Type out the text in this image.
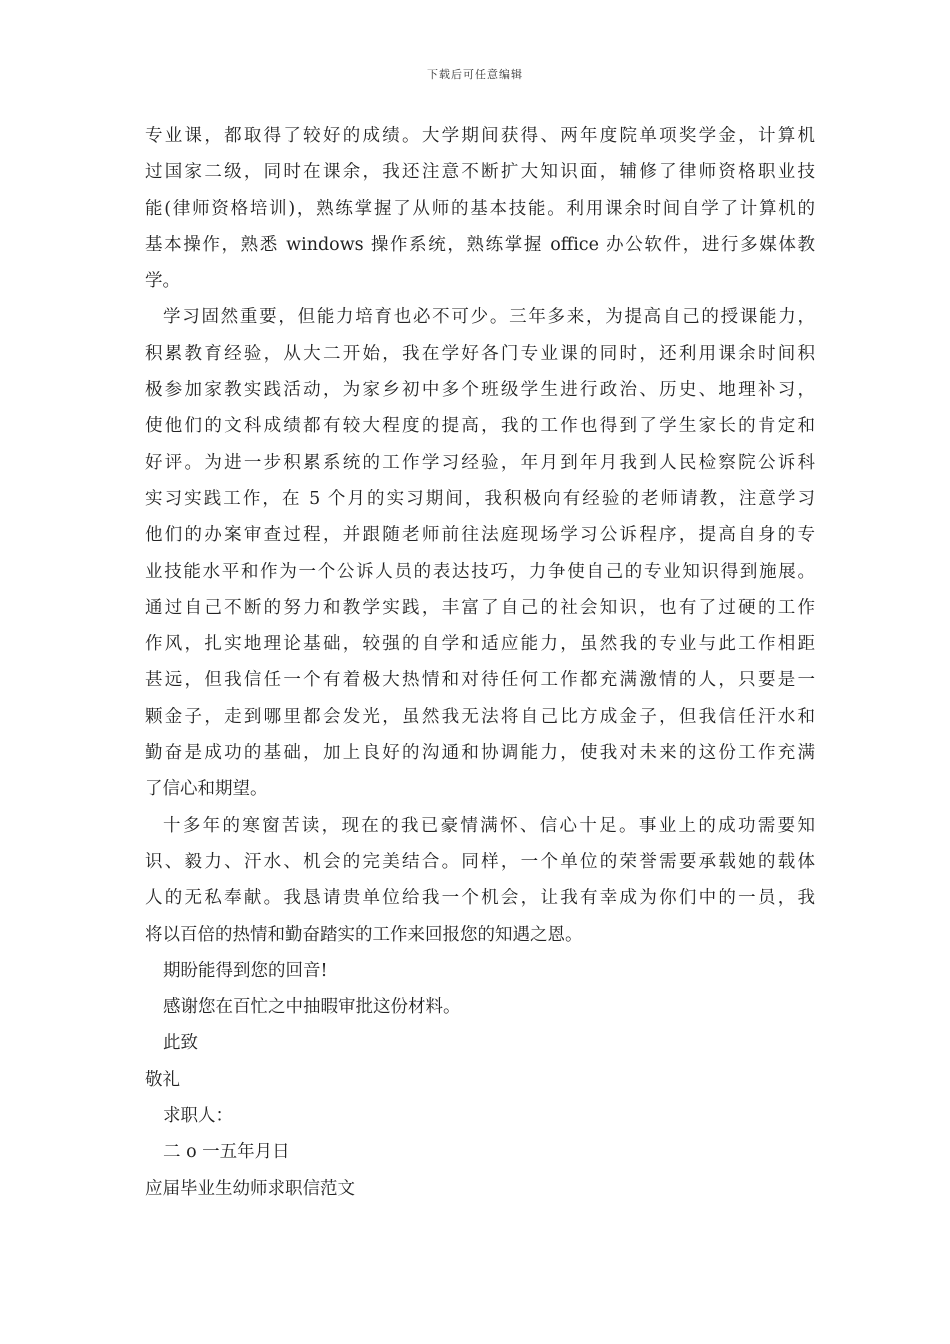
下载后可任意编辑
专业课，都取得了较好的成绩。大学期间获得、两年度院单项奖学金，计算机
过国家二级，同时在课余，我还注意不断扩大知识面，辅修了律师资格职业技
能(律师资格培训)，熟练掌握了从师的基本技能。利用课余时间自学了计算机的
基本操作，熟悉 windows 操作系统，熟练掌握 office 办公软件，进行多媒体教
学。
学习固然重要，但能力培育也必不可少。三年多来，为提高自己的授课能力，
积累教育经验，从大二开始，我在学好各门专业课的同时，还利用课余时间积
极参加家教实践活动，为家乡初中多个班级学生进行政治、历史、地理补习，
使他们的文科成绩都有较大程度的提高，我的工作也得到了学生家长的肯定和
好评。为进一步积累系统的工作学习经验，年月到年月我到人民检察院公诉科
实习实践工作，在 5 个月的实习期间，我积极向有经验的老师请教，注意学习
他们的办案审查过程，并跟随老师前往法庭现场学习公诉程序，提高自身的专
业技能水平和作为一个公诉人员的表达技巧，力争使自己的专业知识得到施展。
通过自己不断的努力和教学实践，丰富了自己的社会知识，也有了过硬的工作
作风，扎实地理论基础，较强的自学和适应能力，虽然我的专业与此工作相距
甚远，但我信任一个有着极大热情和对待任何工作都充满激情的人，只要是一
颗金子，走到哪里都会发光，虽然我无法将自己比方成金子，但我信任汗水和
勤奋是成功的基础，加上良好的沟通和协调能力，使我对未来的这份工作充满
了信心和期望。
十多年的寒窗苦读，现在的我已豪情满怀、信心十足。事业上的成功需要知
识、毅力、汗水、机会的完美结合。同样，一个单位的荣誉需要承载她的载体
人的无私奉献。我恳请贵单位给我一个机会，让我有幸成为你们中的一员，我
将以百倍的热情和勤奋踏实的工作来回报您的知遇之恩。
期盼能得到您的回音!
感谢您在百忙之中抽暇审批这份材料。
此致
敬礼
求职人：
二 o 一五年月日
应届毕业生幼师求职信范文
